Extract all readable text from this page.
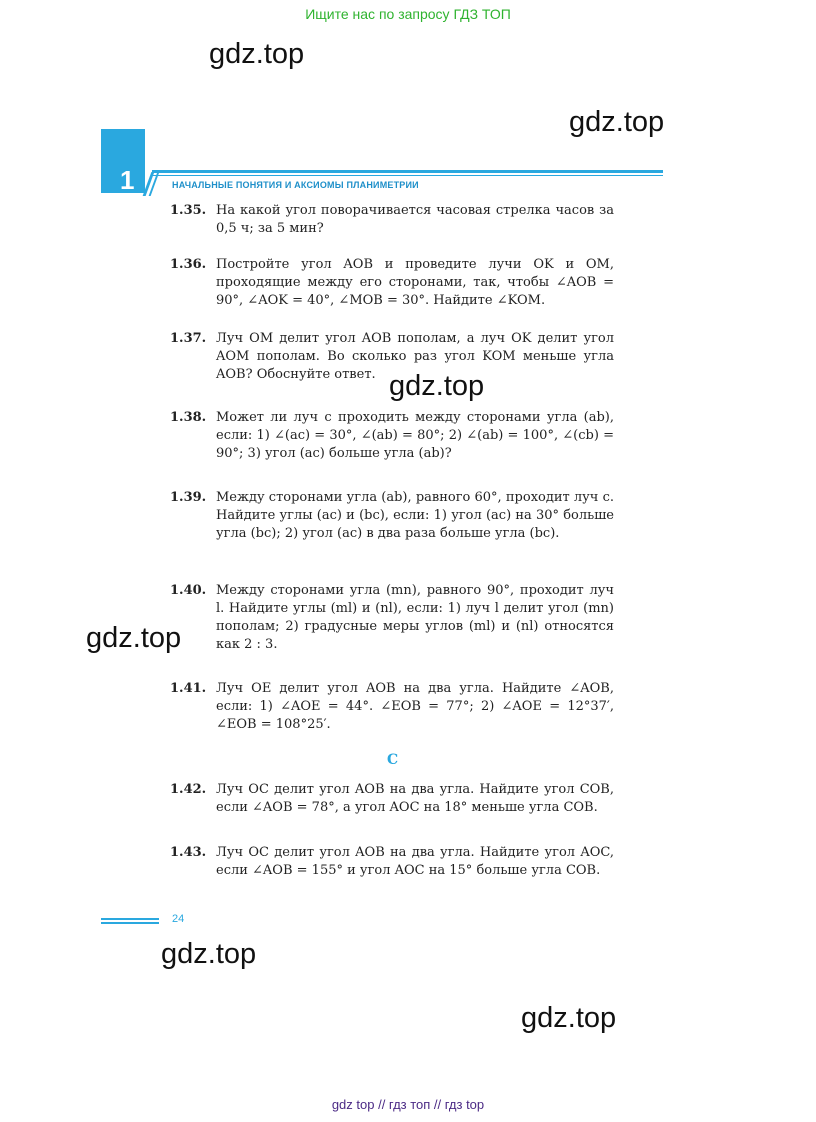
Ищите нас по запросу ГДЗ ТОП
gdz.top
gdz.top
gdz.top
gdz.top
gdz.top
gdz.top
1	НАЧАЛЬНЫЕ ПОНЯТИЯ И АКСИОМЫ ПЛАНИМЕТРИИ
1.35. На какой угол поворачивается часовая стрелка часов за 0,5 ч; за 5 мин?
1.36. Постройте угол AOB и проведите лучи OK и OM, проходящие между его сторонами, так, чтобы ∠AOB = 90°, ∠AOK = 40°, ∠MOB = 30°. Найдите ∠KOM.
1.37. Луч OM делит угол AOB пополам, а луч OK делит угол AOM пополам. Во сколько раз угол KOM меньше угла AOB? Обоснуйте ответ.
1.38. Может ли луч c проходить между сторонами угла (ab), если: 1) ∠(ac) = 30°, ∠(ab) = 80°; 2) ∠(ab) = 100°, ∠(cb) = 90°; 3) угол (ac) больше угла (ab)?
1.39. Между сторонами угла (ab), равного 60°, проходит луч c. Найдите углы (ac) и (bc), если: 1) угол (ac) на 30° больше угла (bc); 2) угол (ac) в два раза больше угла (bc).
1.40. Между сторонами угла (mn), равного 90°, проходит луч l. Найдите углы (ml) и (nl), если: 1) луч l делит угол (mn) пополам; 2) градусные меры углов (ml) и (nl) относятся как 2 : 3.
1.41. Луч OE делит угол AOB на два угла. Найдите ∠AOB, если: 1) ∠AOE = 44°. ∠EOB = 77°; 2) ∠AOE = 12°37′, ∠EOB = 108°25′.
C
1.42. Луч OC делит угол AOB на два угла. Найдите угол COB, если ∠AOB = 78°, а угол AOC на 18° меньше угла COB.
1.43. Луч OC делит угол AOB на два угла. Найдите угол AOC, если ∠AOB = 155° и угол AOC на 15° больше угла COB.
24
gdz top // гдз топ // гдз top
